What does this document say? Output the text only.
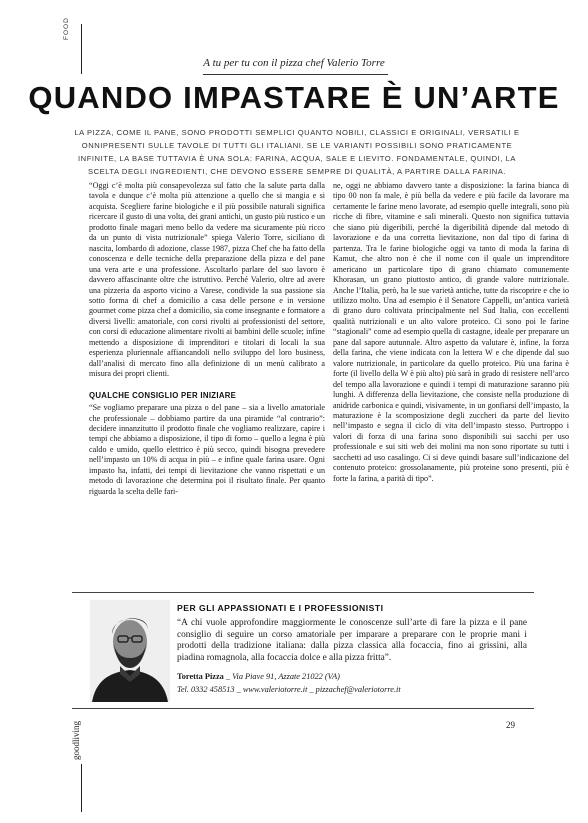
FOOD
A tu per tu con il pizza chef Valerio Torre
QUANDO IMPASTARE È UN’ARTE

LA PIZZA, COME IL PANE, SONO PRODOTTI SEMPLICI QUANTO NOBILI, CLASSICI E ORIGINALI, VERSATILI E ONNIPRESENTI SULLE TAVOLE DI TUTTI GLI ITALIANI. SE LE VARIANTI POSSIBILI SONO PRATICAMENTE INFINITE, LA BASE TUTTAVIA È UNA SOLA: FARINA, ACQUA, SALE E LIEVITO. FONDAMENTALE, QUINDI, LA SCELTA DEGLI INGREDIENTI, CHE DEVONO ESSERE SEMPRE DI QUALITÀ, A PARTIRE DALLA FARINA.

“Oggi c’è molta più consapevolezza sul fatto che la salute parta dalla tavola e dunque c’è molta più attenzione a quello che si mangia e si acquista. Scegliere farine biologiche e il più possibile naturali significa ricercare il gusto di una volta, dei grani antichi, un gusto più rustico e un prodotto finale magari meno bello da vedere ma sicuramente più ricco da un punto di vista nutrizionale” spiega Valerio Torre, siciliano di nascita, lombardo di adozione, classe 1987, pizza Chef che ha fatto della conoscenza e delle tecniche della preparazione della pizza e del pane una vera arte e una professione. Ascoltarlo parlare del suo lavoro è davvero affascinante oltre che istruttivo. Perché Valerio, oltre ad avere una pizzeria da asporto vicino a Varese, condivide la sua passione sia sotto forma di chef a domicilio a casa delle persone e in versione gourmet come pizza chef a domicilio, sia come insegnante e formatore a diversi livelli: amatoriale, con corsi rivolti ai professionisti del settore, con corsi di educazione alimentare rivolti ai bambini delle scuole; infine mettendo a disposizione di imprenditori e titolari di locali la sua esperienza pluriennale affiancandoli nello sviluppo del loro business, dall’analisi di mercato fino alla definizione di un menù calibrato a misura dei propri clienti.

QUALCHE CONSIGLIO PER INIZIARE

“Se vogliamo preparare una pizza o del pane – sia a livello amatoriale che professionale – dobbiamo partire da una piramide “al contrario”: decidere innanzitutto il prodotto finale che vogliamo realizzare, capire i tempi che abbiamo a disposizione, il tipo di forno – quello a legna è più caldo e umido, quello elettrico è più secco, quindi bisogna prevedere nell’impasto un 10% di acqua in più – e infine quale farina usare. Ogni impasto ha, infatti, dei tempi di lievitazione che vanno rispettati e un metodo di lavorazione che determina poi il risultato finale. Per quanto riguarda la scelta delle fari-

ne, oggi ne abbiamo davvero tante a disposizione: la farina bianca di tipo 00 non fa male, è più bella da vedere e più facile da lavorare ma certamente le farine meno lavorate, ad esempio quelle integrali, sono più ricche di fibre, vitamine e sali minerali. Questo non significa tuttavia che siano più digeribili, perché la digeribilità dipende dal metodo di lavorazione e da una corretta lievitazione, non dal tipo di farina di partenza. Tra le farine biologiche oggi va tanto di moda la farina di Kamut, che altro non è che il nome con il quale un imprenditore americano un particolare tipo di grano chiamato comunemente Khorasan, un grano piuttosto antico, di grande valore nutrizionale. Anche l’Italia, però, ha le sue varietà antiche, tutte da riscoprire e che io utilizzo molto. Una ad esempio è il Senatore Cappelli, un’antica varietà di grano duro coltivata principalmente nel Sud Italia, con eccellenti qualità nutrizionali e un alto valore proteico. Ci sono poi le farine “stagionali” come ad esempio quella di castagne, ideale per preparare un pane dal sapore autunnale. Altro aspetto da valutare è, infine, la forza della farina, che viene indicata con la lettera W e che dipende dal suo valore nutrizionale, in particolare da quello proteico. Più una farina è forte (il livello della W è più alto) più sarà in grado di resistere nell’arco del tempo alla lavorazione e quindi i tempi di maturazione saranno più lunghi. A differenza della lievitazione, che consiste nella produzione di anidride carbonica e quindi, visivamente, in un gonfiarsi dell’impasto, la maturazione è la scomposizione degli zuccheri da parte del lievito nell’impasto e segna il ciclo di vita dell’impasto stesso. Purtroppo i valori di forza di una farina sono disponibili sui sacchi per uso professionale e sui siti web dei molini ma non sono riportate su tutti i sacchetti ad uso casalingo. Ci si deve quindi basare sull’indicazione del contenuto proteico: grossolanamente, più proteine sono presenti, più è forte la farina, a parità di tipo”.

PER GLI APPASSIONATI E I PROFESSIONISTI

“A chi vuole approfondire maggiormente le conoscenze sull’arte di fare la pizza e il pane consiglio di seguire un corso amatoriale per imparare a preparare con le proprie mani i prodotti della tradizione italiana: dalla pizza classica alla focaccia, fino ai grissini, alla piadina romagnola, alla focaccia dolce e alla pizza fritta”.

Toretta Pizza _ Via Piave 91, Azzate 21022 (VA)
Tel. 0332 458513 _ www.valeriotorre.it _ pizzachef@valeriotorre.it
goodliving	29
